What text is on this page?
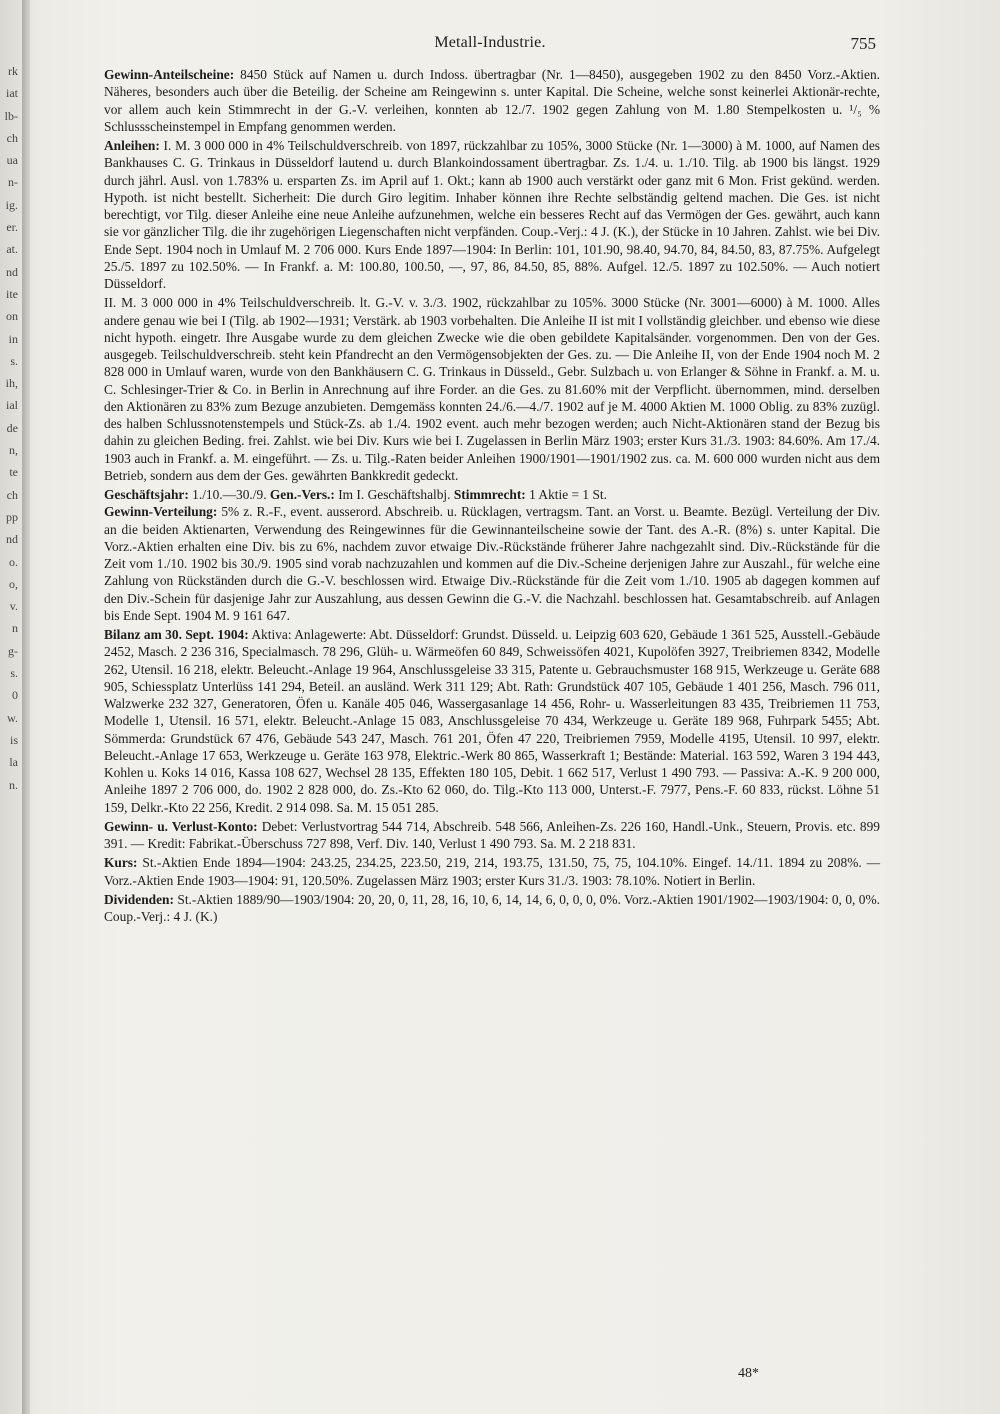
rk
iat
lb-
ch
ua
n-
ig.
er.
at.
nd
ite
on
in
s.
ih,
ial
de
n,
te
ch
pp
nd
o.
o,
v.
n
g-
s.
0
w.
is
la
n.
Metall-Industrie.	755

Gewinn-Anteilscheine: 8450 Stück auf Namen u. durch Indoss. übertragbar (Nr. 1—8450), ausgegeben 1902 zu den 8450 Vorz.-Aktien. Näheres, besonders auch über die Beteilig. der Scheine am Reingewinn s. unter Kapital. Die Scheine, welche sonst keinerlei Aktionär-rechte, vor allem auch kein Stimmrecht in der G.-V. verleihen, konnten ab 12./7. 1902 gegen Zahlung von M. 1.80 Stempelkosten u. ¹/₅ % Schlussscheinstempel in Empfang genommen werden.

Anleihen: I. M. 3 000 000 in 4% Teilschuldverschreib. von 1897, rückzahlbar zu 105%, 3000 Stücke (Nr. 1—3000) à M. 1000, auf Namen des Bankhauses C. G. Trinkaus in Düsseldorf lautend u. durch Blankoindossament übertragbar. Zs. 1./4. u. 1./10. Tilg. ab 1900 bis längst. 1929 durch jährl. Ausl. von 1.783% u. ersparten Zs. im April auf 1. Okt.; kann ab 1900 auch verstärkt oder ganz mit 6 Mon. Frist gekünd. werden. Hypoth. ist nicht bestellt. Sicherheit: Die durch Giro legitim. Inhaber können ihre Rechte selbständig geltend machen. Die Ges. ist nicht berechtigt, vor Tilg. dieser Anleihe eine neue Anleihe aufzunehmen, welche ein besseres Recht auf das Vermögen der Ges. gewährt, auch kann sie vor gänzlicher Tilg. die ihr zugehörigen Liegenschaften nicht verpfänden. Coup.-Verj.: 4 J. (K.), der Stücke in 10 Jahren. Zahlst. wie bei Div. Ende Sept. 1904 noch in Umlauf M. 2 706 000. Kurs Ende 1897—1904: In Berlin: 101, 101.90, 98.40, 94.70, 84, 84.50, 83, 87.75%. Aufgelegt 25./5. 1897 zu 102.50%. — In Frankf. a. M: 100.80, 100.50, —, 97, 86, 84.50, 85, 88%. Aufgel. 12./5. 1897 zu 102.50%. — Auch notiert Düsseldorf.

II. M. 3 000 000 in 4% Teilschuldverschreib. lt. G.-V. v. 3./3. 1902, rückzahlbar zu 105%. 3000 Stücke (Nr. 3001—6000) à M. 1000. Alles andere genau wie bei I (Tilg. ab 1902—1931; Verstärk. ab 1903 vorbehalten. Die Anleihe II ist mit I vollständig gleichber. und ebenso wie diese nicht hypoth. eingetr. Ihre Ausgabe wurde zu dem gleichen Zwecke wie die oben gebildete Kapitalsänder. vorgenommen. Den von der Ges. ausgegeb. Teilschuldverschreib. steht kein Pfandrecht an den Vermögensobjekten der Ges. zu. — Die Anleihe II, von der Ende 1904 noch M. 2 828 000 in Umlauf waren, wurde von den Bankhäusern C. G. Trinkaus in Düsseld., Gebr. Sulzbach u. von Erlanger & Söhne in Frankf. a. M. u. C. Schlesinger-Trier & Co. in Berlin in Anrechnung auf ihre Forder. an die Ges. zu 81.60% mit der Verpflicht. übernommen, mind. derselben den Aktionären zu 83% zum Bezuge anzubieten. Demgemäss konnten 24./6.—4./7. 1902 auf je M. 4000 Aktien M. 1000 Oblig. zu 83% zuzügl. des halben Schlussnotenstempels und Stück-Zs. ab 1./4. 1902 event. auch mehr bezogen werden; auch Nicht-Aktionären stand der Bezug bis dahin zu gleichen Beding. frei. Zahlst. wie bei Div. Kurs wie bei I. Zugelassen in Berlin März 1903; erster Kurs 31./3. 1903: 84.60%. Am 17./4. 1903 auch in Frankf. a. M. eingeführt. — Zs. u. Tilg.-Raten beider Anleihen 1900/1901—1901/1902 zus. ca. M. 600 000 wurden nicht aus dem Betrieb, sondern aus dem der Ges. gewährten Bankkredit gedeckt.

Geschäftsjahr: 1./10.—30./9. Gen.-Vers.: Im I. Geschäftshalbj. Stimmrecht: 1 Aktie = 1 St.

Gewinn-Verteilung: 5% z. R.-F., event. ausserord. Abschreib. u. Rücklagen, vertragsm. Tant. an Vorst. u. Beamte. Bezügl. Verteilung der Div. an die beiden Aktienarten, Verwendung des Reingewinnes für die Gewinnanteilscheine sowie der Tant. des A.-R. (8%) s. unter Kapital. Die Vorz.-Aktien erhalten eine Div. bis zu 6%, nachdem zuvor etwaige Div.-Rückstände früherer Jahre nachgezahlt sind. Div.-Rückstände für die Zeit vom 1./10. 1902 bis 30./9. 1905 sind vorab nachzuzahlen und kommen auf die Div.-Scheine derjenigen Jahre zur Auszahl., für welche eine Zahlung von Rückständen durch die G.-V. beschlossen wird. Etwaige Div.-Rückstände für die Zeit vom 1./10. 1905 ab dagegen kommen auf den Div.-Schein für dasjenige Jahr zur Auszahlung, aus dessen Gewinn die G.-V. die Nachzahl. beschlossen hat. Gesamtabschreib. auf Anlagen bis Ende Sept. 1904 M. 9 161 647.

Bilanz am 30. Sept. 1904: Aktiva: Anlagewerte: Abt. Düsseldorf: Grundst. Düsseld. u. Leipzig 603 620, Gebäude 1 361 525, Ausstell.-Gebäude 2452, Masch. 2 236 316, Specialmasch. 78 296, Glüh- u. Wärmeöfen 60 849, Schweissöfen 4021, Kupolöfen 3927, Treibriemen 8342, Modelle 262, Utensil. 16 218, elektr. Beleucht.-Anlage 19 964, Anschlussgeleise 33 315, Patente u. Gebrauchsmuster 168 915, Werkzeuge u. Geräte 688 905, Schiessplatz Unterlüss 141 294, Beteil. an ausländ. Werk 311 129; Abt. Rath: Grundstück 407 105, Gebäude 1 401 256, Masch. 796 011, Walzwerke 232 327, Generatoren, Öfen u. Kanäle 405 046, Wassergasanlage 14 456, Rohr- u. Wasserleitungen 83 435, Treibriemen 11 753, Modelle 1, Utensil. 16 571, elektr. Beleucht.-Anlage 15 083, Anschlussgeleise 70 434, Werkzeuge u. Geräte 189 968, Fuhrpark 5455; Abt. Sömmerda: Grundstück 67 476, Gebäude 543 247, Masch. 761 201, Öfen 47 220, Treibriemen 7959, Modelle 4195, Utensil. 10 997, elektr. Beleucht.-Anlage 17 653, Werkzeuge u. Geräte 163 978, Elektric.-Werk 80 865, Wasserkraft 1; Bestände: Material. 163 592, Waren 3 194 443, Kohlen u. Koks 14 016, Kassa 108 627, Wechsel 28 135, Effekten 180 105, Debit. 1 662 517, Verlust 1 490 793. — Passiva: A.-K. 9 200 000, Anleihe 1897 2 706 000, do. 1902 2 828 000, do. Zs.-Kto 62 060, do. Tilg.-Kto 113 000, Unterst.-F. 7977, Pens.-F. 60 833, rückst. Löhne 51 159, Delkr.-Kto 22 256, Kredit. 2 914 098. Sa. M. 15 051 285.

Gewinn- u. Verlust-Konto: Debet: Verlustvortrag 544 714, Abschreib. 548 566, Anleihen-Zs. 226 160, Handl.-Unk., Steuern, Provis. etc. 899 391. — Kredit: Fabrikat.-Überschuss 727 898, Verf. Div. 140, Verlust 1 490 793. Sa. M. 2 218 831.

Kurs: St.-Aktien Ende 1894—1904: 243.25, 234.25, 223.50, 219, 214, 193.75, 131.50, 75, 75, 104.10%. Eingef. 14./11. 1894 zu 208%. — Vorz.-Aktien Ende 1903—1904: 91, 120.50%. Zugelassen März 1903; erster Kurs 31./3. 1903: 78.10%. Notiert in Berlin.

Dividenden: St.-Aktien 1889/90—1903/1904: 20, 20, 0, 11, 28, 16, 10, 6, 14, 14, 6, 0, 0, 0, 0%. Vorz.-Aktien 1901/1902—1903/1904: 0, 0, 0%. Coup.-Verj.: 4 J. (K.)

48*
